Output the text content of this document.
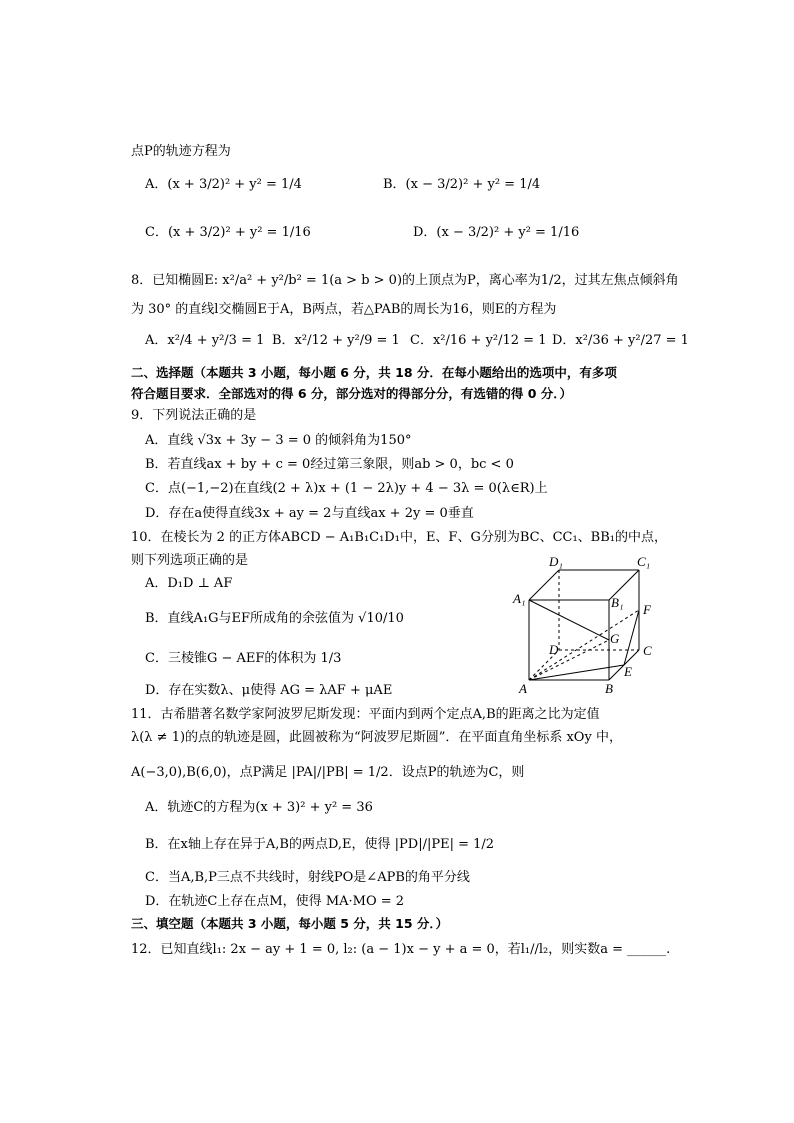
点P的轨迹方程为
A．(x + 3/2)² + y² = 1/4	B．(x − 3/2)² + y² = 1/4
C．(x + 3/2)² + y² = 1/16	D．(x − 3/2)² + y² = 1/16
8．已知椭圆E: x²/a² + y²/b² = 1(a > b > 0)的上顶点为P，离心率为1/2，过其左焦点倾斜角
为 30° 的直线l交椭圆E于A，B两点，若△PAB的周长为16，则E的方程为
A．x²/4 + y²/3 = 1 B．x²/12 + y²/9 = 1 C．x²/16 + y²/12 = 1 D．x²/36 + y²/27 = 1
二、选择题（本题共 3 小题，每小题 6 分，共 18 分．在每小题给出的选项中，有多项
符合题目要求．全部选对的得 6 分，部分选对的得部分分，有选错的得 0 分．）
9．下列说法正确的是
A．直线 √3x + 3y − 3 = 0 的倾斜角为150°
B．若直线ax + by + c = 0经过第三象限，则ab > 0，bc < 0
C．点(−1,−2)在直线(2 + λ)x + (1 − 2λ)y + 4 − 3λ = 0(λ∈R)上
D．存在a使得直线3x + ay = 2与直线ax + 2y = 0垂直
10．在棱长为 2 的正方体ABCD − A₁B₁C₁D₁中，E、F、G分别为BC、CC₁、BB₁的中点，
则下列选项正确的是
A．D₁D ⊥ AF
B．直线A₁G与EF所成角的余弦值为 √10/10
C．三棱锥G − AEF的体积为 1/3
D．存在实数λ、μ使得 AG = λAF + μAE
D₁	C₁
A₁	B₁ F
G
D	C
E
A	B
11．古希腊著名数学家阿波罗尼斯发现：平面内到两个定点A,B的距离之比为定值
λ(λ ≠ 1)的点的轨迹是圆，此圆被称为“阿波罗尼斯圆”．在平面直角坐标系 xOy 中，
A(−3,0),B(6,0)，点P满足 |PA|/|PB| = 1/2．设点P的轨迹为C，则
A．轨迹C的方程为(x + 3)² + y² = 36
B．在x轴上存在异于A,B的两点D,E，使得 |PD|/|PE| = 1/2
C．当A,B,P三点不共线时，射线PO是∠APB的角平分线
D．在轨迹C上存在点M，使得 MA·MO = 2
三、填空题（本题共 3 小题，每小题 5 分，共 15 分．）
12．已知直线l₁: 2x − ay + 1 = 0, l₂: (a − 1)x − y + a = 0，若l₁//l₂，则实数a = ______.
